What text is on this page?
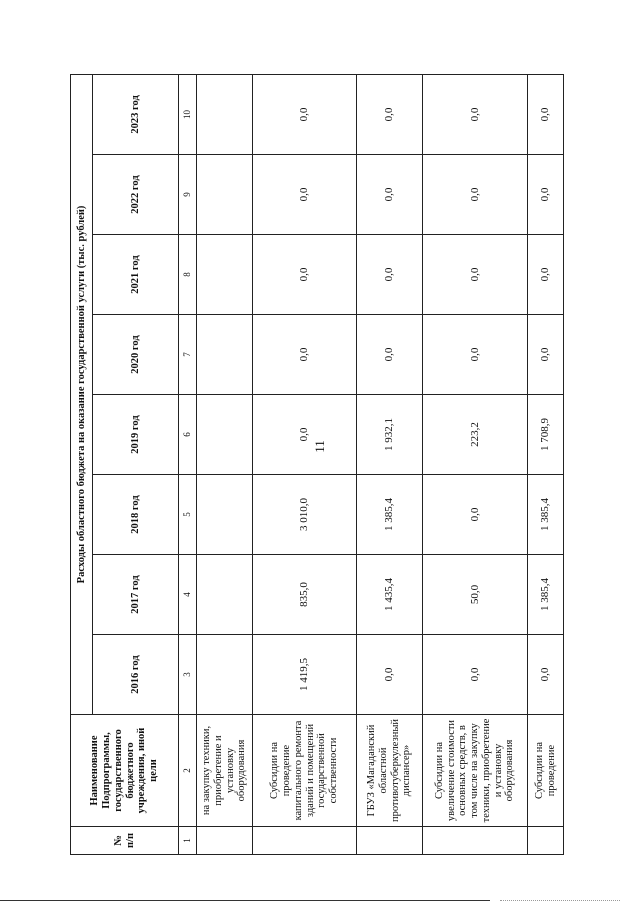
11
№ п/п	Наименование Подпрограммы, государственного бюджетного учреждения, иной цели	Расходы областного бюджета на оказание государственной услуги (тыс. рублей)							
		2016 год	2017 год	2018 год	2019 год	2020 год	2021 год	2022 год	2023 год
1	2	3	4	5	6	7	8	9	10
	на закупку техники, приобретение и установку оборудования								
	Субсидии на проведение капитального ремонта зданий и помещений государственной собственности	1 419,5	835,0	3 010,0	0,0	0,0	0,0	0,0	0,0
	ГБУЗ «Магаданский областной противотуберкулезный диспансер»	0,0	1 435,4	1 385,4	1 932,1	0,0	0,0	0,0	0,0
	Субсидии на увеличение стоимости основных средств, в том числе на закупку техники, приобретение и установку оборудования	0,0	50,0	0,0	223,2	0,0	0,0	0,0	0,0
	Субсидии на проведение	0,0	1 385,4	1 385,4	1 708,9	0,0	0,0	0,0	0,0
